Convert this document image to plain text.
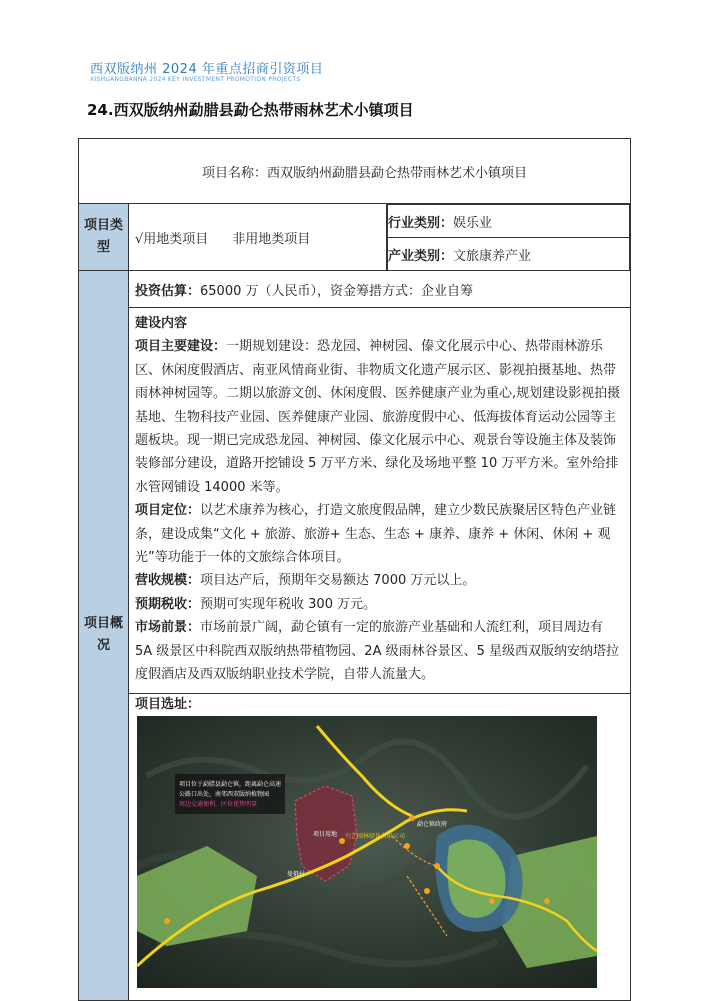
西双版纳州 2024 年重点招商引资项目
XISHUANGBANNA 2024 KEY INVESTMENT PROMOTION PROJECTS
24.西双版纳州勐腊县勐仑热带雨林艺术小镇项目
项目名称：西双版纳州勐腊县勐仑热带雨林艺术小镇项目
项目类型	√用地类项目 非用地类项目	
行业类别：娱乐业
产业类别：文旅康养产业

项目概况	投资估算：65000 万（人民币），资金筹措方式：企业自筹

建设内容

项目主要建设：一期规划建设：恐龙园、神树园、傣文化展示中心、热带雨林游乐区、休闲度假酒店、南亚风情商业街、非物质文化遗产展示区、影视拍摄基地、热带雨林神树园等。二期以旅游文创、休闲度假、医养健康产业为重心,规划建设影视拍摄基地、生物科技产业园、医养健康产业园、旅游度假中心、低海拔体育运动公园等主题板块。现一期已完成恐龙园、神树园、傣文化展示中心、观景台等设施主体及装饰装修部分建设，道路开挖铺设 5 万平方米、绿化及场地平整 10 万平方米。室外给排水管网铺设 14000 米等。

项目定位：以艺术康养为核心，打造文旅度假品牌，建立少数民族聚居区特色产业链条，建设成集“文化 + 旅游、旅游+ 生态、生态 + 康养、康养 + 休闲、休闲 + 观光”等功能于一体的文旅综合体项目。

营收规模：项目达产后，预期年交易额达 7000 万元以上。

预期税收：预期可实现年税收 300 万元。

市场前景：市场前景广阔，勐仑镇有一定的旅游产业基础和人流红利，项目周边有 5A 级景区中科院西双版纳热带植物园、2A 级雨林谷景区、5 星级西双版纳安纳塔拉度假酒店及西双版纳职业技术学院，自带人流量大。

项目选址：
项目位于勐腊县勐仑镇，距离勐仑高速
公路口出处，南邻西双版纳植物园
周边交通便利，区位优势明显
项目用地 兴艺园林绿化有限公司
勐仑镇政府
曼俄村
